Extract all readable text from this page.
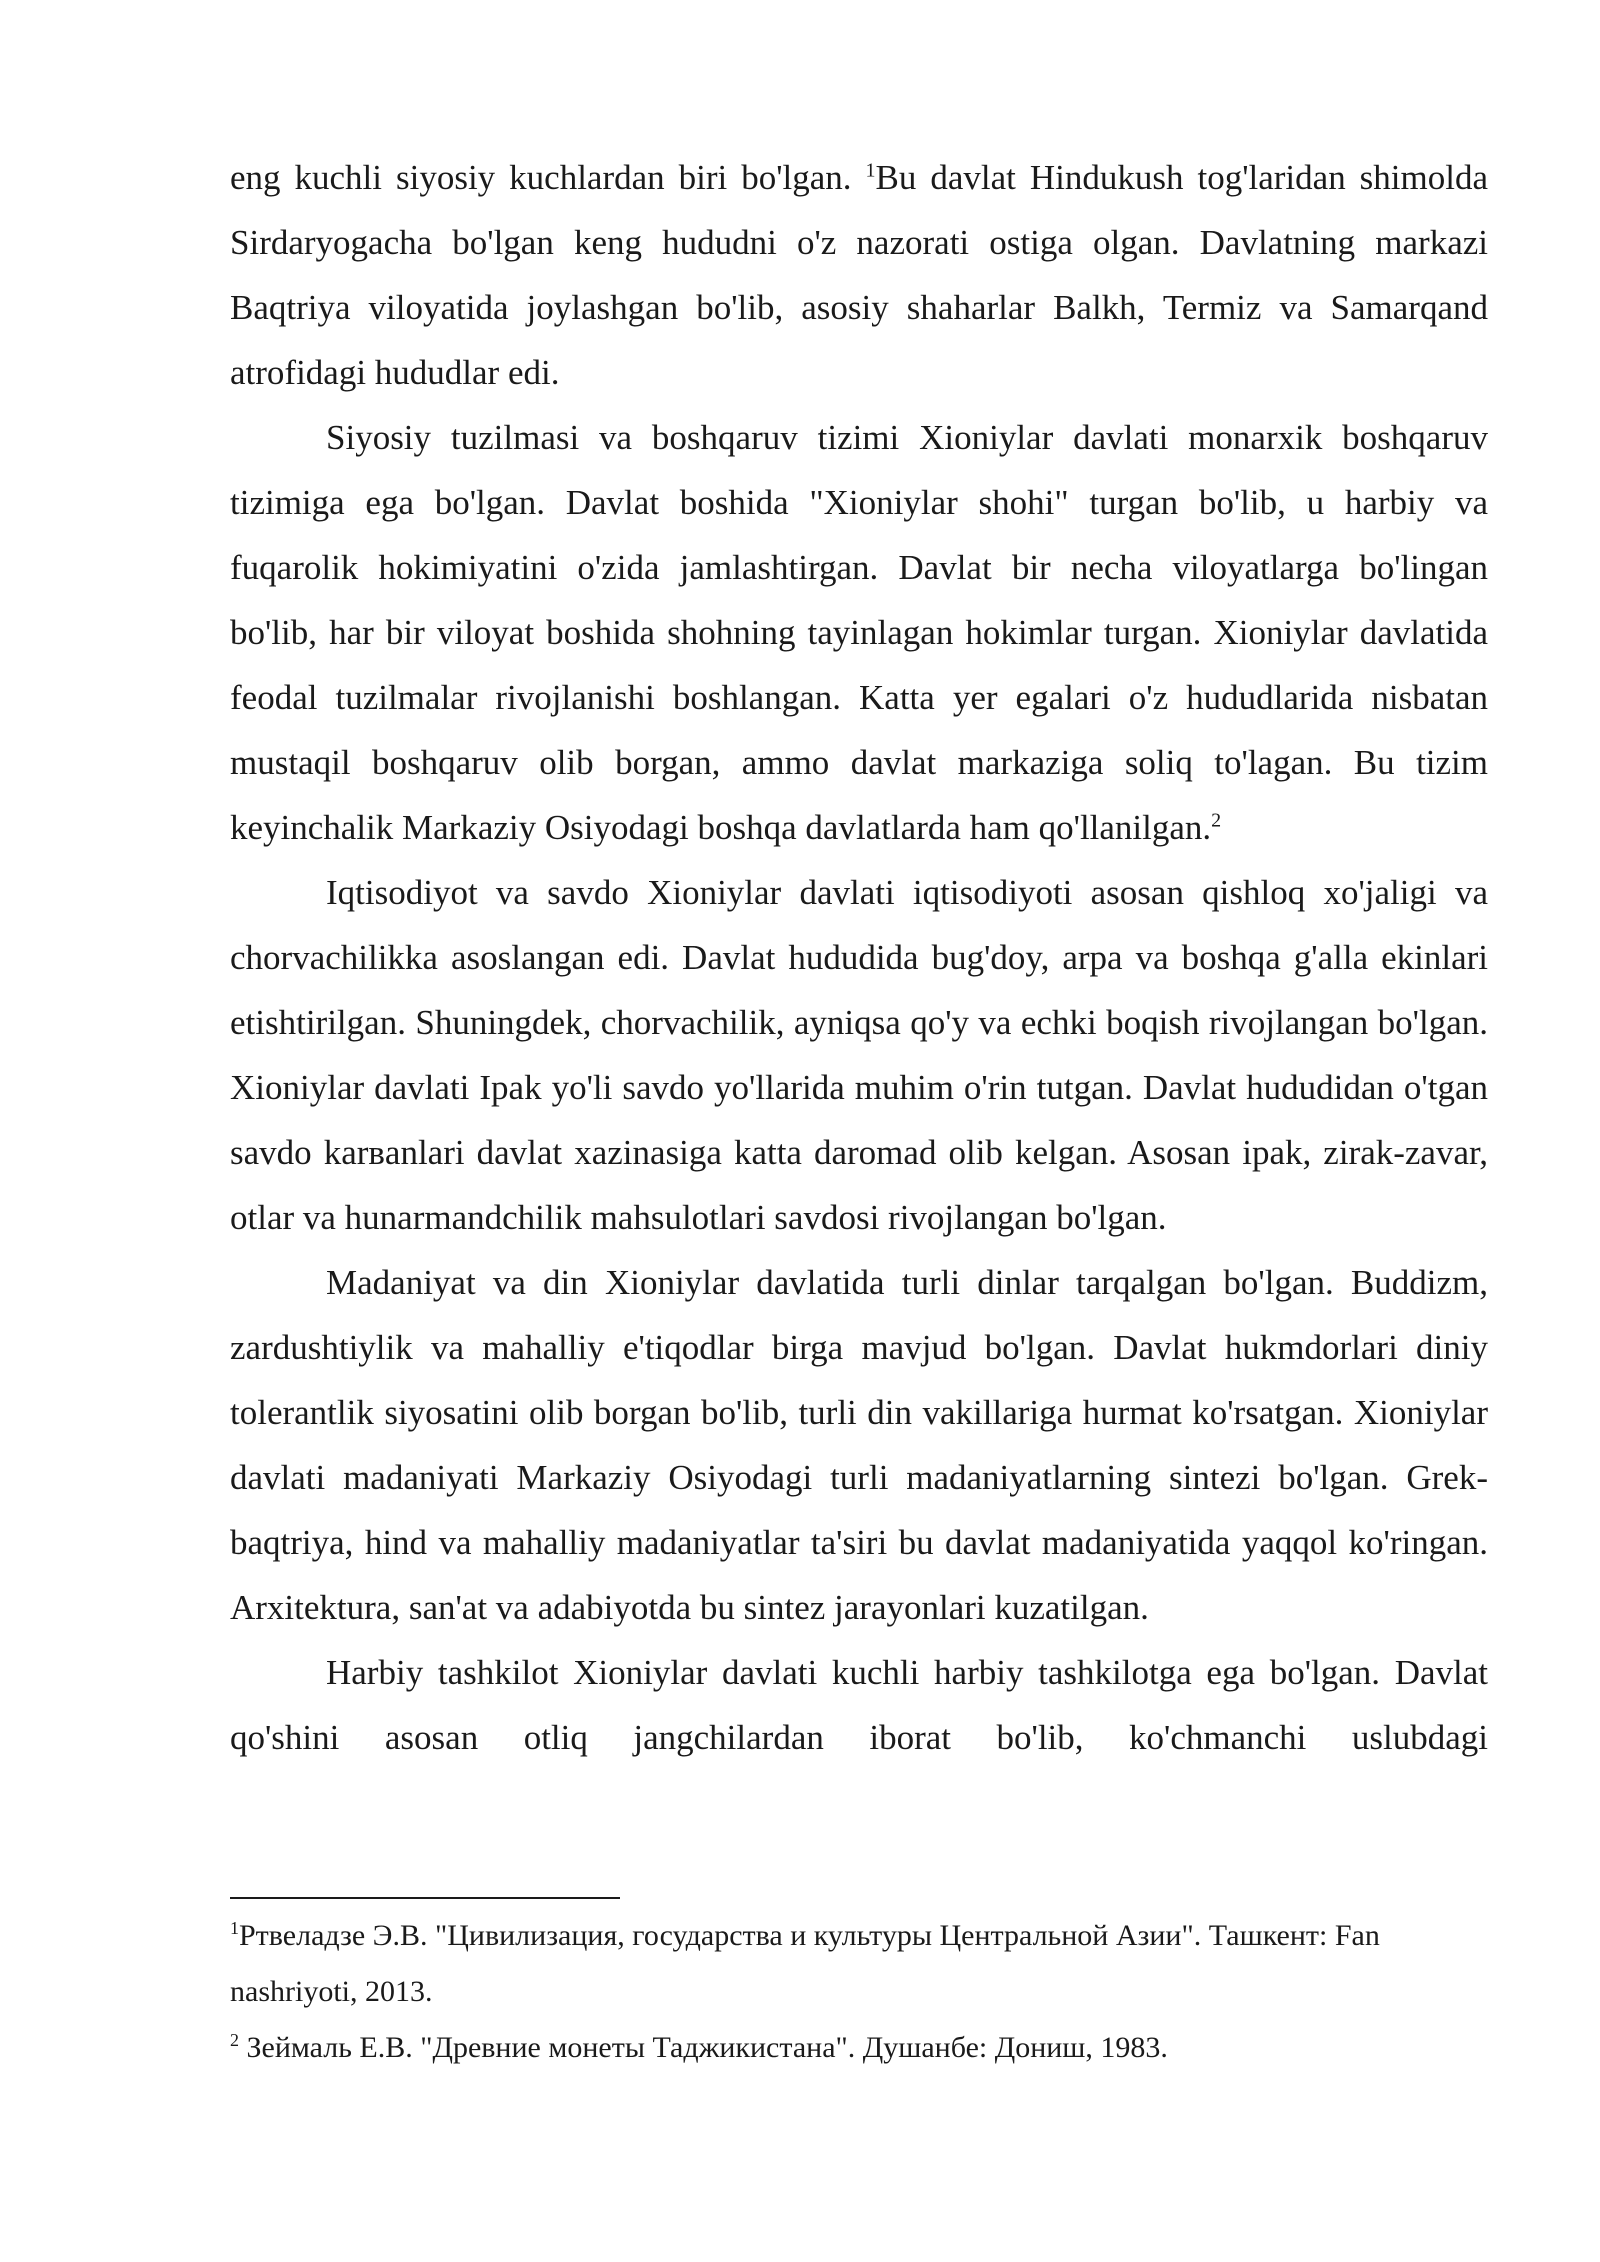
eng kuchli siyosiy kuchlardan biri bo'lgan. $^1$Bu davlat Hindukush tog'laridan shimolda Sirdaryogacha bo'lgan keng hududni o'z nazorati ostiga olgan. Davlatning markazi Baqtriya viloyatida joylashgan bo'lib, asosiy shaharlar Balkh, Termiz va Samarqand atrofidagi hududlar edi.

Siyosiy tuzilmasi va boshqaruv tizimi Xioniylar davlati monarxik boshqaruv tizimiga ega bo'lgan. Davlat boshida "Xioniylar shohi" turgan bo'lib, u harbiy va fuqarolik hokimiyatini o'zida jamlashtirgan. Davlat bir necha viloyatlarga bo'lingan bo'lib, har bir viloyat boshida shohning tayinlagan hokimlar turgan. Xioniylar davlatida feodal tuzilmalar rivojlanishi boshlangan. Katta yer egalari o'z hududlarida nisbatan mustaqil boshqaruv olib borgan, ammo davlat markaziga soliq to'lagan. Bu tizim keyinchalik Markaziy Osiyodagi boshqa davlatlarda ham qo'llanilgan.$^2$

Iqtisodiyot va savdo Xioniylar davlati iqtisodiyoti asosan qishloq xo'jaligi va chorvachilikka asoslangan edi. Davlat hududida bug'doy, arpa va boshqa g'alla ekinlari etishtirilgan. Shuningdek, chorvachilik, ayniqsa qo'y va echki boqish rivojlangan bo'lgan. Xioniylar davlati Ipak yo'li savdo yo'llarida muhim o'rin tutgan. Davlat hududidan o'tgan savdo karвanlari davlat xazinasiga katta daromad olib kelgan. Asosan ipak, zirak-zavar, otlar va hunarmandchilik mahsulotlari savdosi rivojlangan bo'lgan.

Madaniyat va din Xioniylar davlatida turli dinlar tarqalgan bo'lgan. Buddizm, zardushtiylik va mahalliy e'tiqodlar birga mavjud bo'lgan. Davlat hukmdorlari diniy tolerantlik siyosatini olib borgan bo'lib, turli din vakillariga hurmat ko'rsatgan. Xioniylar davlati madaniyati Markaziy Osiyodagi turli madaniyatlarning sintezi bo'lgan. Grek-baqtriya, hind va mahalliy madaniyatlar ta'siri bu davlat madaniyatida yaqqol ko'ringan. Arxitektura, san'at va adabiyotda bu sintez jarayonlari kuzatilgan.

Harbiy tashkilot Xioniylar davlati kuchli harbiy tashkilotga ega bo'lgan. Davlat qo'shini asosan otliq jangchilardan iborat bo'lib, ko'chmanchi uslubdagi

$^1$Ртвеладзе Э.В. "Цивилизация, государства и культуры Центральной Азии". Ташкент: Fan nashriyoti, 2013.

$^2$ Зеймаль Е.В. "Древние монеты Таджикистана". Душанбе: Дониш, 1983.
